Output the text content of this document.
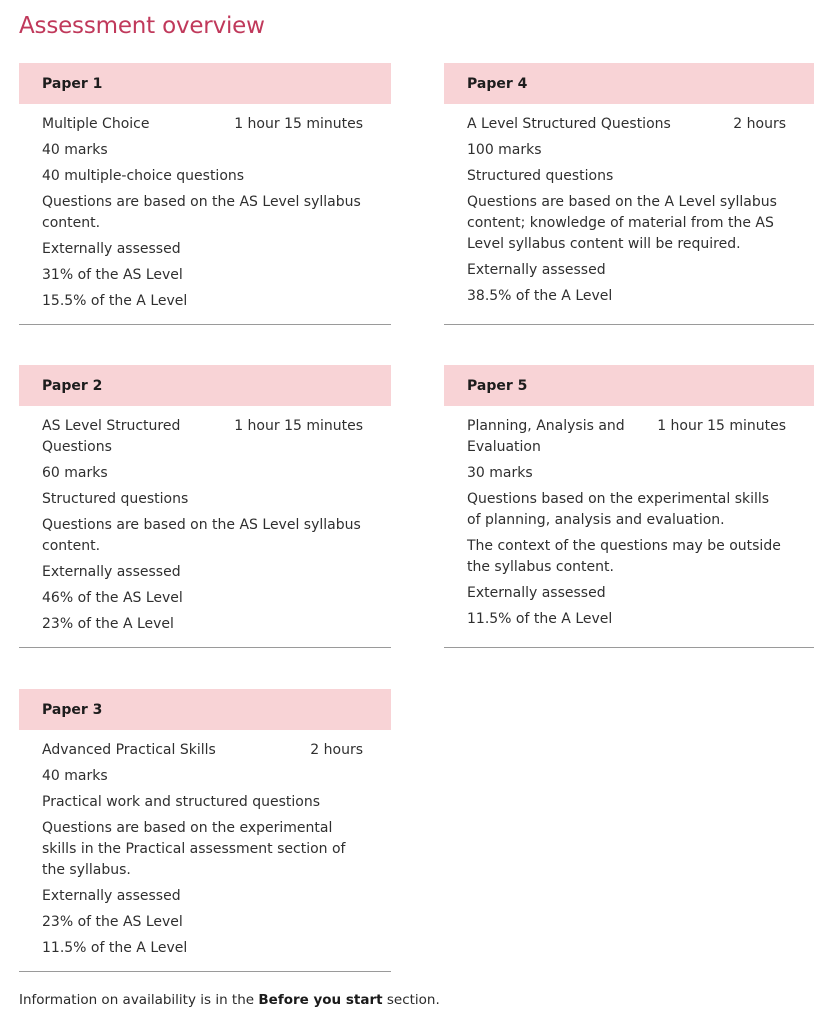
Assessment overview
Paper 1
Multiple Choice	1 hour 15 minutes
40 marks
40 multiple-choice questions
Questions are based on the AS Level syllabus content.
Externally assessed
31% of the AS Level
15.5% of the A Level
Paper 4
A Level Structured Questions	2 hours
100 marks
Structured questions
Questions are based on the A Level syllabus content; knowledge of material from the AS Level syllabus content will be required.
Externally assessed
38.5% of the A Level
Paper 2
AS Level Structured Questions
1 hour 15 minutes
60 marks
Structured questions
Questions are based on the AS Level syllabus content.
Externally assessed
46% of the AS Level
23% of the A Level
Paper 5
Planning, Analysis and Evaluation
1 hour 15 minutes
30 marks
Questions based on the experimental skills of planning, analysis and evaluation.
The context of the questions may be outside the syllabus content.
Externally assessed
11.5% of the A Level
Paper 3
Advanced Practical Skills	2 hours
40 marks
Practical work and structured questions
Questions are based on the experimental skills in the Practical assessment section of the syllabus.
Externally assessed
23% of the AS Level
11.5% of the A Level
Information on availability is in the Before you start section.
